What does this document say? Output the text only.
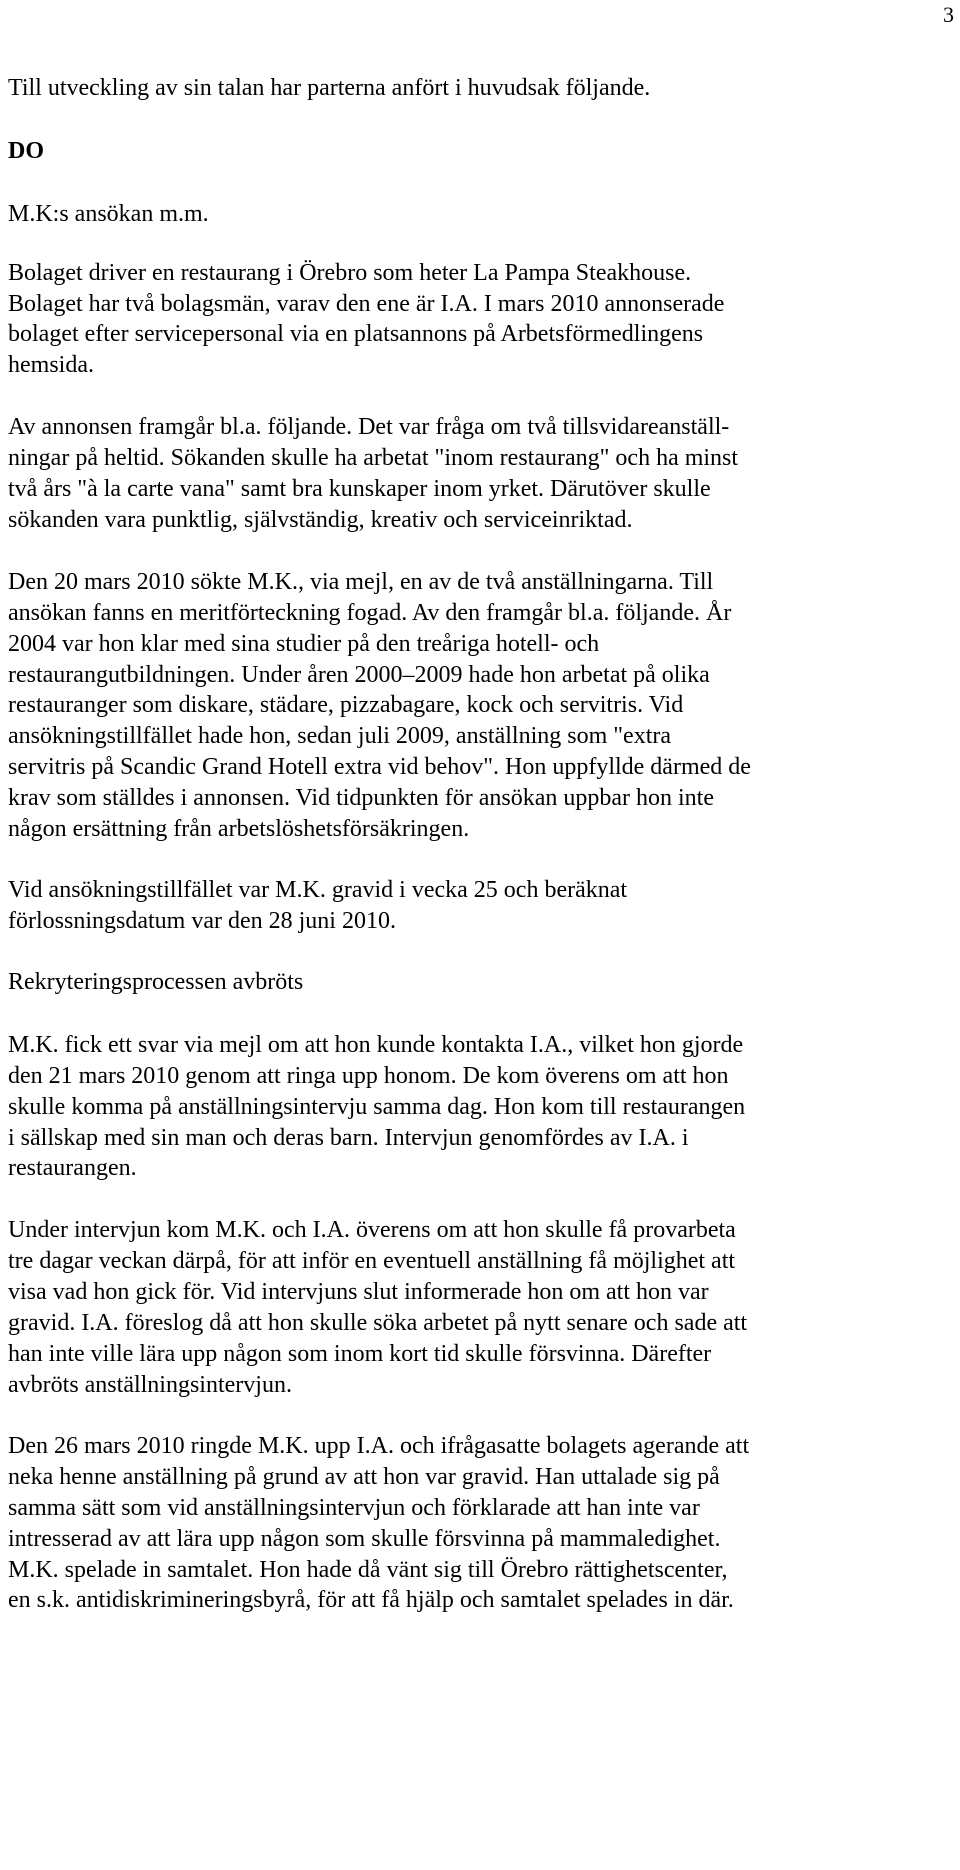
3
Till utveckling av sin talan har parterna anfört i huvudsak följande.
DO
M.K:s ansökan m.m.
Bolaget driver en restaurang i Örebro som heter La Pampa Steakhouse.
Bolaget har två bolagsmän, varav den ene är I.A. I mars 2010 annonserade
bolaget efter servicepersonal via en platsannons på Arbetsförmedlingens
hemsida.
Av annonsen framgår bl.a. följande. Det var fråga om två tillsvidareanställ-
ningar på heltid. Sökanden skulle ha arbetat "inom restaurang" och ha minst
två års "à la carte vana" samt bra kunskaper inom yrket. Därutöver skulle
sökanden vara punktlig, självständig, kreativ och serviceinriktad.
Den 20 mars 2010 sökte M.K., via mejl, en av de två anställningarna. Till
ansökan fanns en meritförteckning fogad. Av den framgår bl.a. följande. År
2004 var hon klar med sina studier på den treåriga hotell- och
restaurangutbildningen. Under åren 2000–2009 hade hon arbetat på olika
restauranger som diskare, städare, pizzabagare, kock och servitris. Vid
ansökningstillfället hade hon, sedan juli 2009, anställning som "extra
servitris på Scandic Grand Hotell extra vid behov". Hon uppfyllde därmed de
krav som ställdes i annonsen. Vid tidpunkten för ansökan uppbar hon inte
någon ersättning från arbetslöshetsförsäkringen.
Vid ansökningstillfället var M.K. gravid i vecka 25 och beräknat
förlossningsdatum var den 28 juni 2010.
Rekryteringsprocessen avbröts
M.K. fick ett svar via mejl om att hon kunde kontakta I.A., vilket hon gjorde
den 21 mars 2010 genom att ringa upp honom. De kom överens om att hon
skulle komma på anställningsintervju samma dag. Hon kom till restaurangen
i sällskap med sin man och deras barn. Intervjun genomfördes av I.A. i
restaurangen.
Under intervjun kom M.K. och I.A. överens om att hon skulle få provarbeta
tre dagar veckan därpå, för att inför en eventuell anställning få möjlighet att
visa vad hon gick för. Vid intervjuns slut informerade hon om att hon var
gravid. I.A. föreslog då att hon skulle söka arbetet på nytt senare och sade att
han inte ville lära upp någon som inom kort tid skulle försvinna. Därefter
avbröts anställningsintervjun.
Den 26 mars 2010 ringde M.K. upp I.A. och ifrågasatte bolagets agerande att
neka henne anställning på grund av att hon var gravid. Han uttalade sig på
samma sätt som vid anställningsintervjun och förklarade att han inte var
intresserad av att lära upp någon som skulle försvinna på mammaledighet.
M.K. spelade in samtalet. Hon hade då vänt sig till Örebro rättighetscenter,
en s.k. antidiskrimineringsbyrå, för att få hjälp och samtalet spelades in där.
